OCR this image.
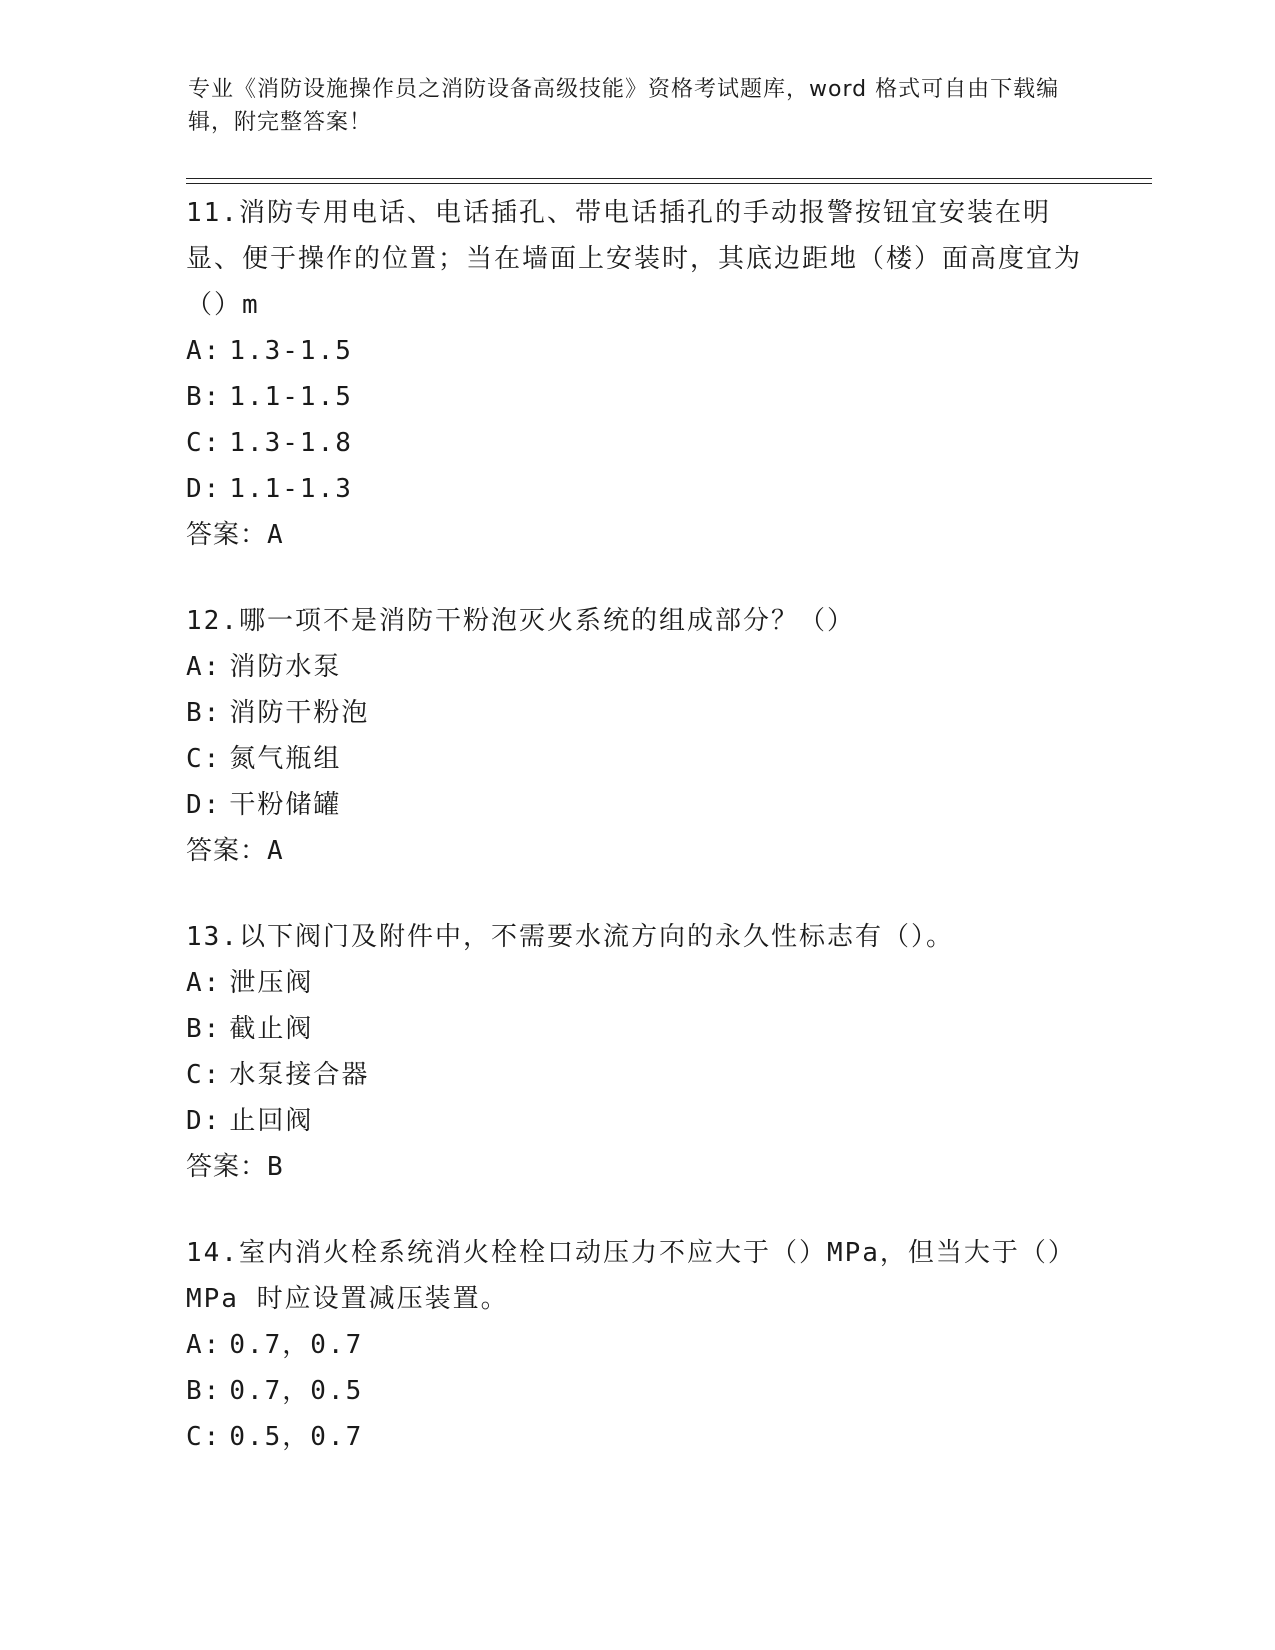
专业《消防设施操作员之消防设备高级技能》资格考试题库，word 格式可自由下载编辑，附完整答案！
11.消防专用电话、电话插孔、带电话插孔的手动报警按钮宜安装在明显、便于操作的位置；当在墙面上安装时，其底边距地（楼）面高度宜为（）m
A: 1.3-1.5
B: 1.1-1.5
C: 1.3-1.8
D: 1.1-1.3
答案：A
12.哪一项不是消防干粉泡灭火系统的组成部分？（）
A: 消防水泵
B: 消防干粉泡
C: 氮气瓶组
D: 干粉储罐
答案：A
13.以下阀门及附件中，不需要水流方向的永久性标志有（）。
A: 泄压阀
B: 截止阀
C: 水泵接合器
D: 止回阀
答案：B
14.室内消火栓系统消火栓栓口动压力不应大于（）MPa，但当大于（）MPa 时应设置减压装置。
A: 0.7，0.7
B: 0.7，0.5
C: 0.5，0.7
